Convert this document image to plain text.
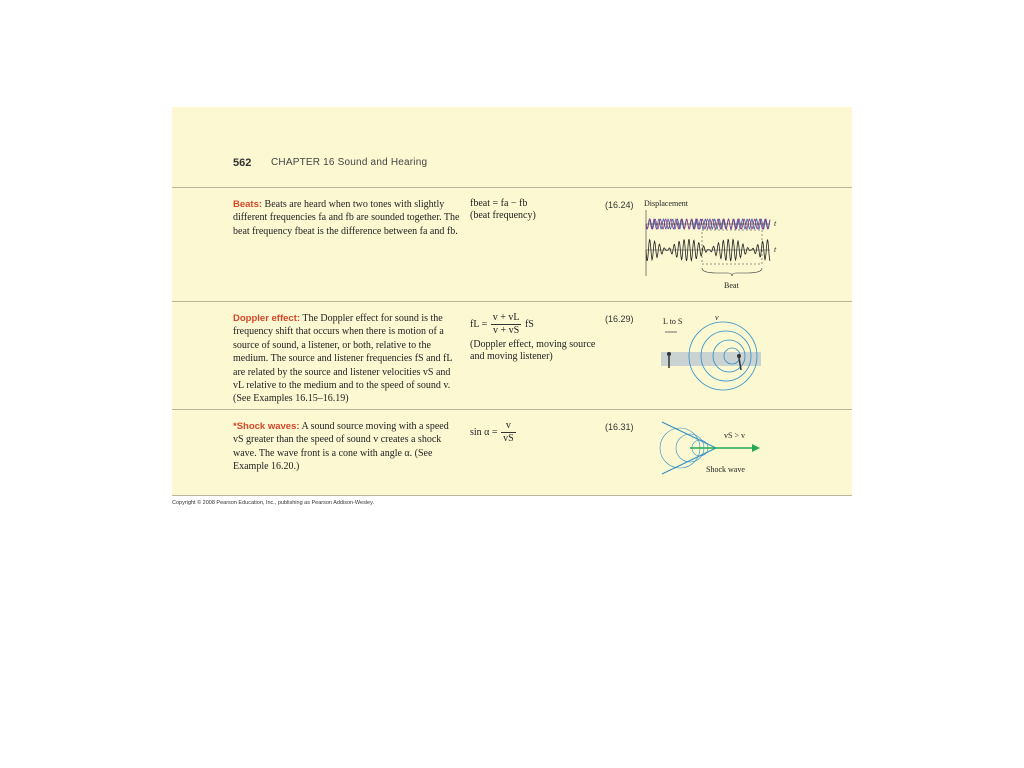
562 CHAPTER 16 Sound and Hearing
Beats: Beats are heard when two tones with slightly different frequencies fa and fb are sounded together. The beat frequency fbeat is the difference between fa and fb.
fbeat = fa − fb
(beat frequency)
(16.24) Displacement
t
t
Beat
Doppler effect: The Doppler effect for sound is the frequency shift that occurs when there is motion of a source of sound, a listener, or both, relative to the medium. The source and listener frequencies fS and fL are related by the source and listener velocities vS and vL relative to the medium and to the speed of sound v. (See Examples 16.15–16.19)
fL = $\frac{v + vL}{v + vS}$ fS
(Doppler effect, moving source and moving listener)
(16.29)	L to S	v
*Shock waves: A sound source moving with a speed vS greater than the speed of sound v creates a shock wave. The wave front is a cone with angle α. (See Example 16.20.)
$\sin \alpha = \frac{v}{vS}$	(16.31)
vS > v
Shock wave
Copyright © 2008 Pearson Education, Inc., publishing as Pearson Addison-Wesley.
